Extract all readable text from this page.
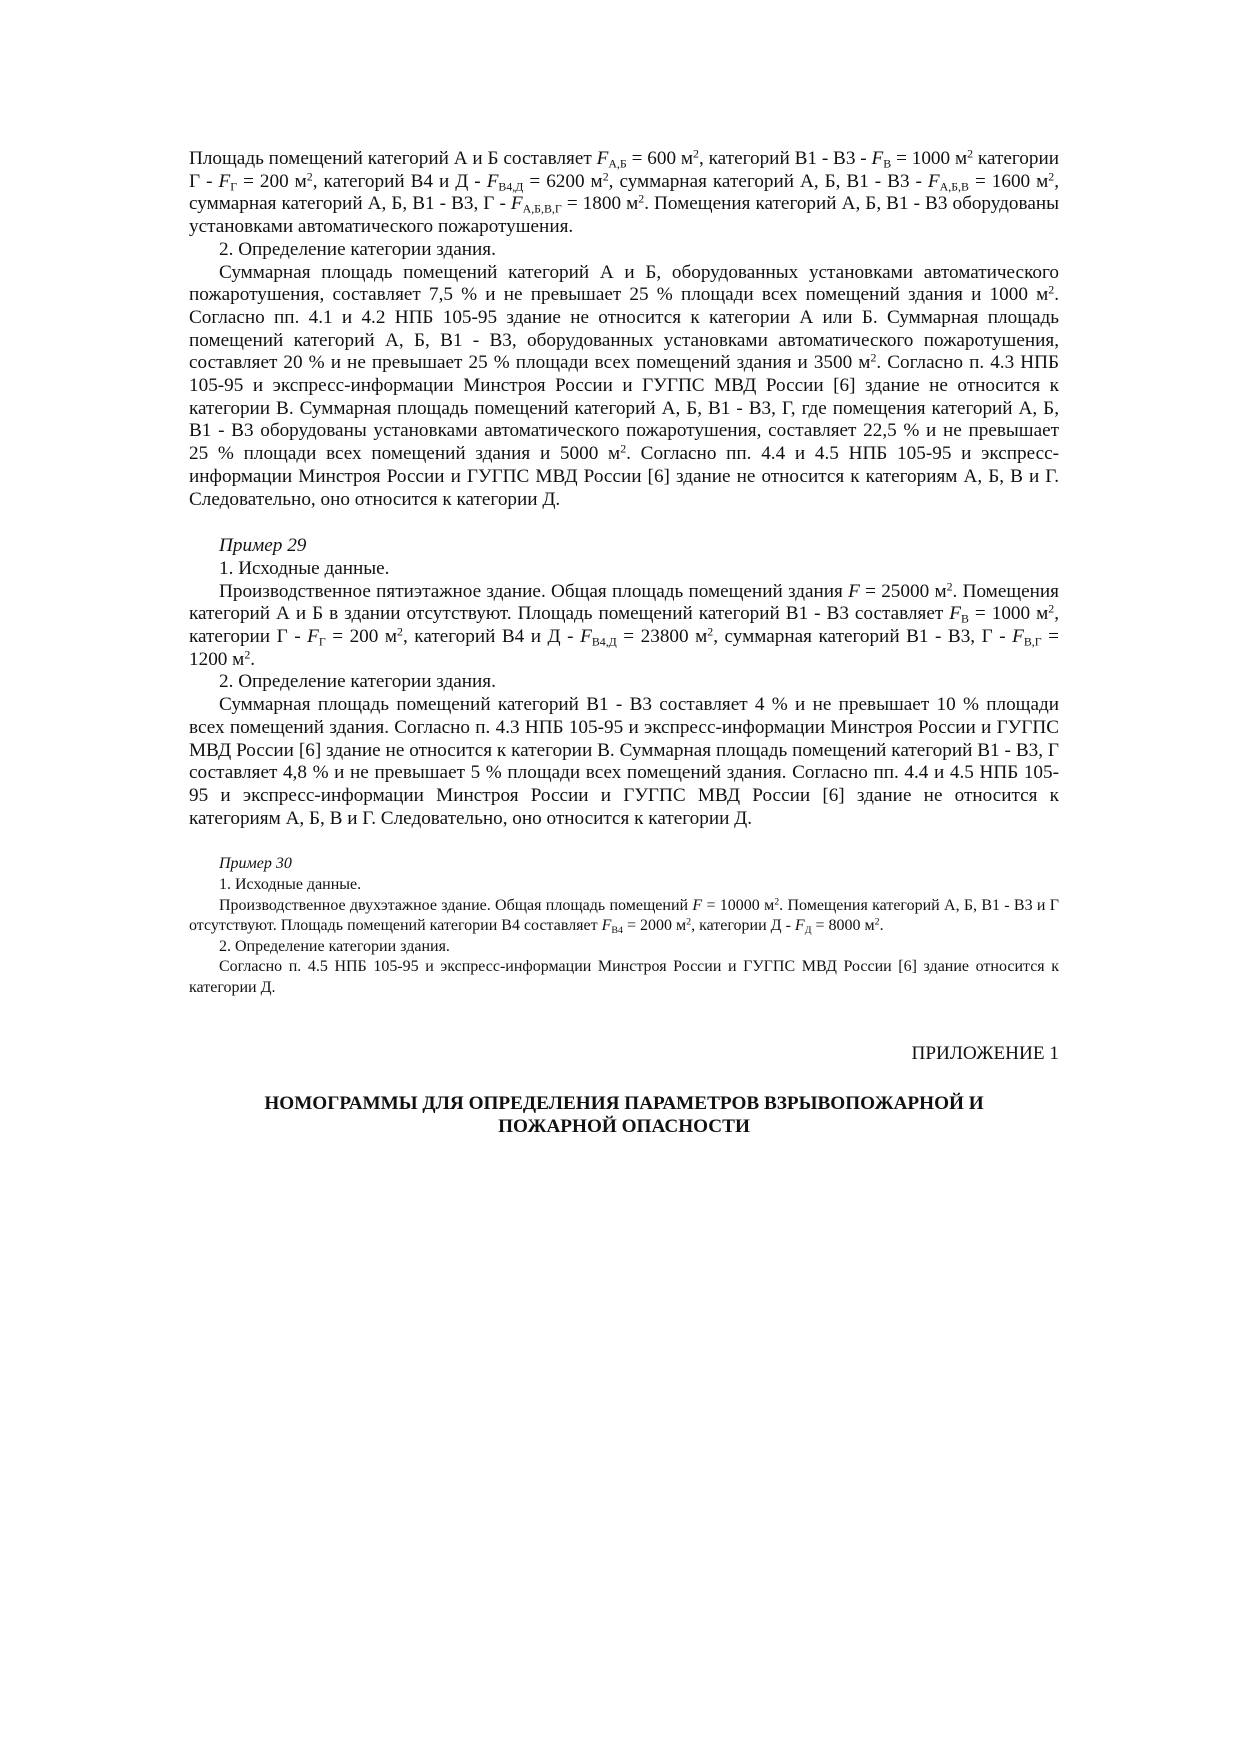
Площадь помещений категорий А и Б составляет $F_{А,Б} = 600$ $м^2$, категорий $В1 - В3 - F_В = 1000$ $м^2$ категории $Г - F_Г = 200$ $м^2$, категорий В4 и $Д - F_{В4,Д} = 6200$ $м^2$, суммарная категорий А, Б, $В1 - В3 - F_{А,Б,В} = 1600$ $м^2$, суммарная категорий А, Б, В1 - В3, $Г - F_{А,Б,В,Г} = 1800$ $м^2$. Помещения категорий А, Б, В1 - В3 оборудованы установками автоматического пожаротушения.

2. Определение категории здания.

Суммарная площадь помещений категорий А и Б, оборудованных установками автоматического пожаротушения, составляет 7,5 % и не превышает 25 % площади всех помещений здания и 1000 $м^2$. Согласно пп. 4.1 и 4.2 НПБ 105-95 здание не относится к категории А или Б. Суммарная площадь помещений категорий А, Б, В1 - В3, оборудованных установками автоматического пожаротушения, составляет 20 % и не превышает 25 % площади всех помещений здания и 3500 $м^2$. Согласно п. 4.3 НПБ 105-95 и экспресс-информации Минстроя России и ГУГПС МВД России [6] здание не относится к категории В. Суммарная площадь помещений категорий А, Б, В1 - В3, Г, где помещения категорий А, Б, В1 - В3 оборудованы установками автоматического пожаротушения, составляет 22,5 % и не превышает 25 % площади всех помещений здания и 5000 $м^2$. Согласно пп. 4.4 и 4.5 НПБ 105-95 и экспресс-информации Минстроя России и ГУГПС МВД России [6] здание не относится к категориям А, Б, В и Г. Следовательно, оно относится к категории Д.

Пример 29

1. Исходные данные.

Производственное пятиэтажное здание. Общая площадь помещений здания F = 25000 $м^2$. Помещения категорий А и Б в здании отсутствуют. Площадь помещений категорий В1 - В3 составляет $F_В = 1000$ $м^2$, категории $Г - F_Г = 200$ $м^2$, категорий В4 и $Д - F_{В4,Д} = 23800$ $м^2$, суммарная категорий В1 - В3, $Г - F_{В,Г} = 1200$ $м^2$.

2. Определение категории здания.

Суммарная площадь помещений категорий В1 - В3 составляет 4 % и не превышает 10 % площади всех помещений здания. Согласно п. 4.3 НПБ 105-95 и экспресс-информации Минстроя России и ГУГПС МВД России [6] здание не относится к категории В. Суммарная площадь помещений категорий В1 - В3, Г составляет 4,8 % и не превышает 5 % площади всех помещений здания. Согласно пп. 4.4 и 4.5 НПБ 105-95 и экспресс-информации Минстроя России и ГУГПС МВД России [6] здание не относится к категориям А, Б, В и Г. Следовательно, оно относится к категории Д.

Пример 30

1. Исходные данные.

Производственное двухэтажное здание. Общая площадь помещений F = 10000 $м^2$. Помещения категорий А, Б, В1 - В3 и Г отсутствуют. Площадь помещений категории В4 составляет $F_{В4} = 2000$ $м^2$, категории $Д - F_Д = 8000$ $м^2$.

2. Определение категории здания.

Согласно п. 4.5 НПБ 105-95 и экспресс-информации Минстроя России и ГУГПС МВД России [6] здание относится к категории Д.

ПРИЛОЖЕНИЕ 1
НОМОГРАММЫ ДЛЯ ОПРЕДЕЛЕНИЯ ПАРАМЕТРОВ ВЗРЫВОПОЖАРНОЙ И ПОЖАРНОЙ ОПАСНОСТИ
